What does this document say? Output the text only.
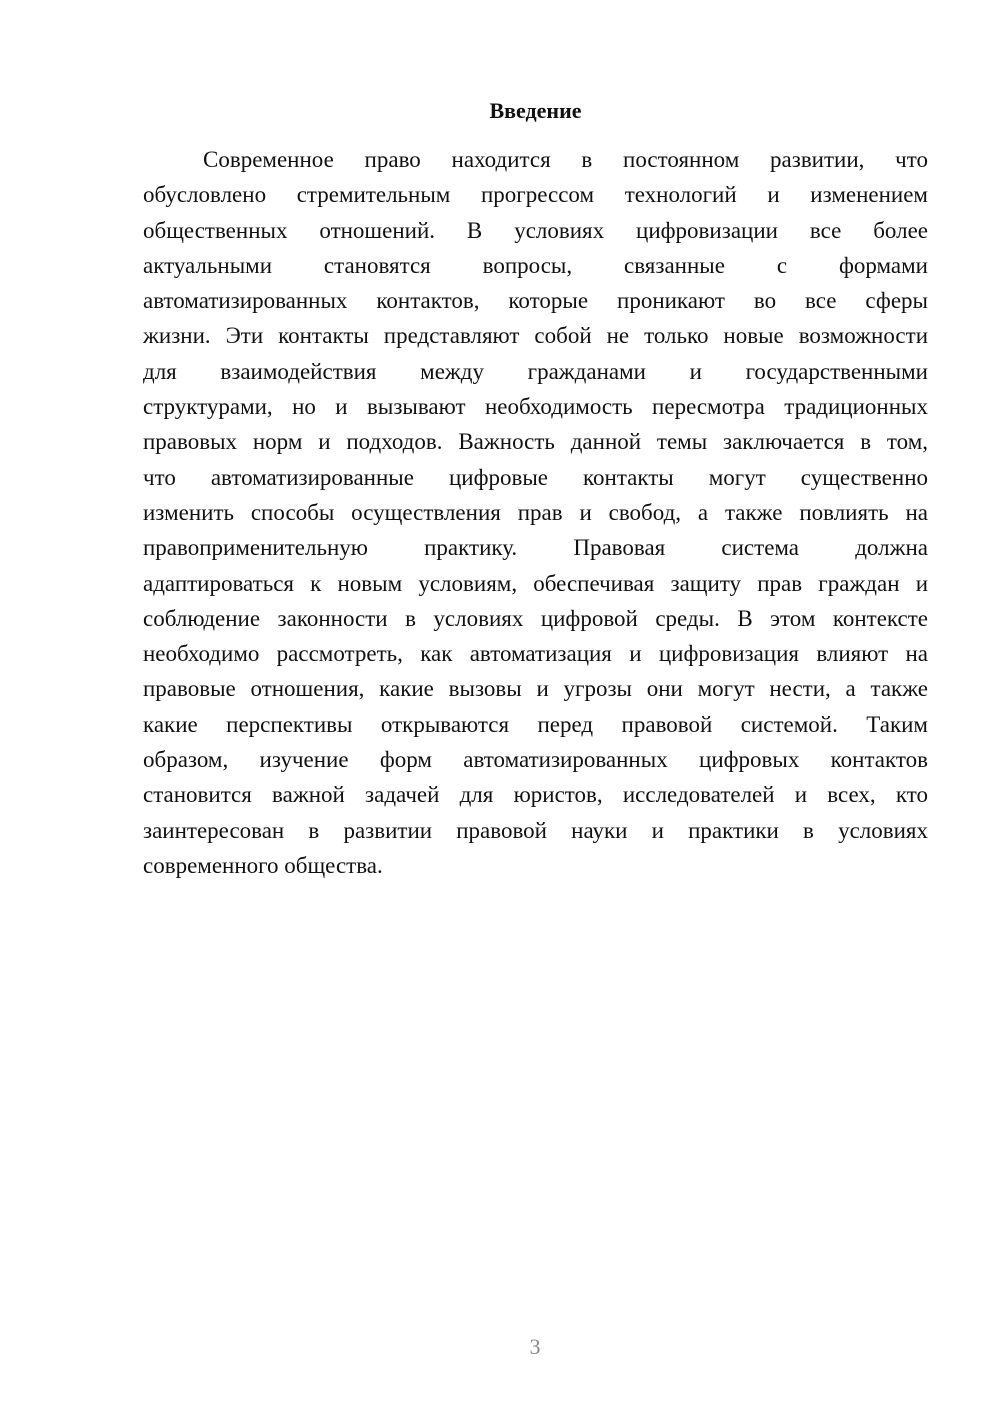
Введение
Современное право находится в постоянном развитии, что
обусловлено стремительным прогрессом технологий и изменением
общественных отношений. В условиях цифровизации все более
актуальными становятся вопросы, связанные с формами
автоматизированных контактов, которые проникают во все сферы
жизни. Эти контакты представляют собой не только новые возможности
для взаимодействия между гражданами и государственными
структурами, но и вызывают необходимость пересмотра традиционных
правовых норм и подходов. Важность данной темы заключается в том,
что автоматизированные цифровые контакты могут существенно
изменить способы осуществления прав и свобод, а также повлиять на
правоприменительную практику. Правовая система должна
адаптироваться к новым условиям, обеспечивая защиту прав граждан и
соблюдение законности в условиях цифровой среды. В этом контексте
необходимо рассмотреть, как автоматизация и цифровизация влияют на
правовые отношения, какие вызовы и угрозы они могут нести, а также
какие перспективы открываются перед правовой системой. Таким
образом, изучение форм автоматизированных цифровых контактов
становится важной задачей для юристов, исследователей и всех, кто
заинтересован в развитии правовой науки и практики в условиях
современного общества.
3
